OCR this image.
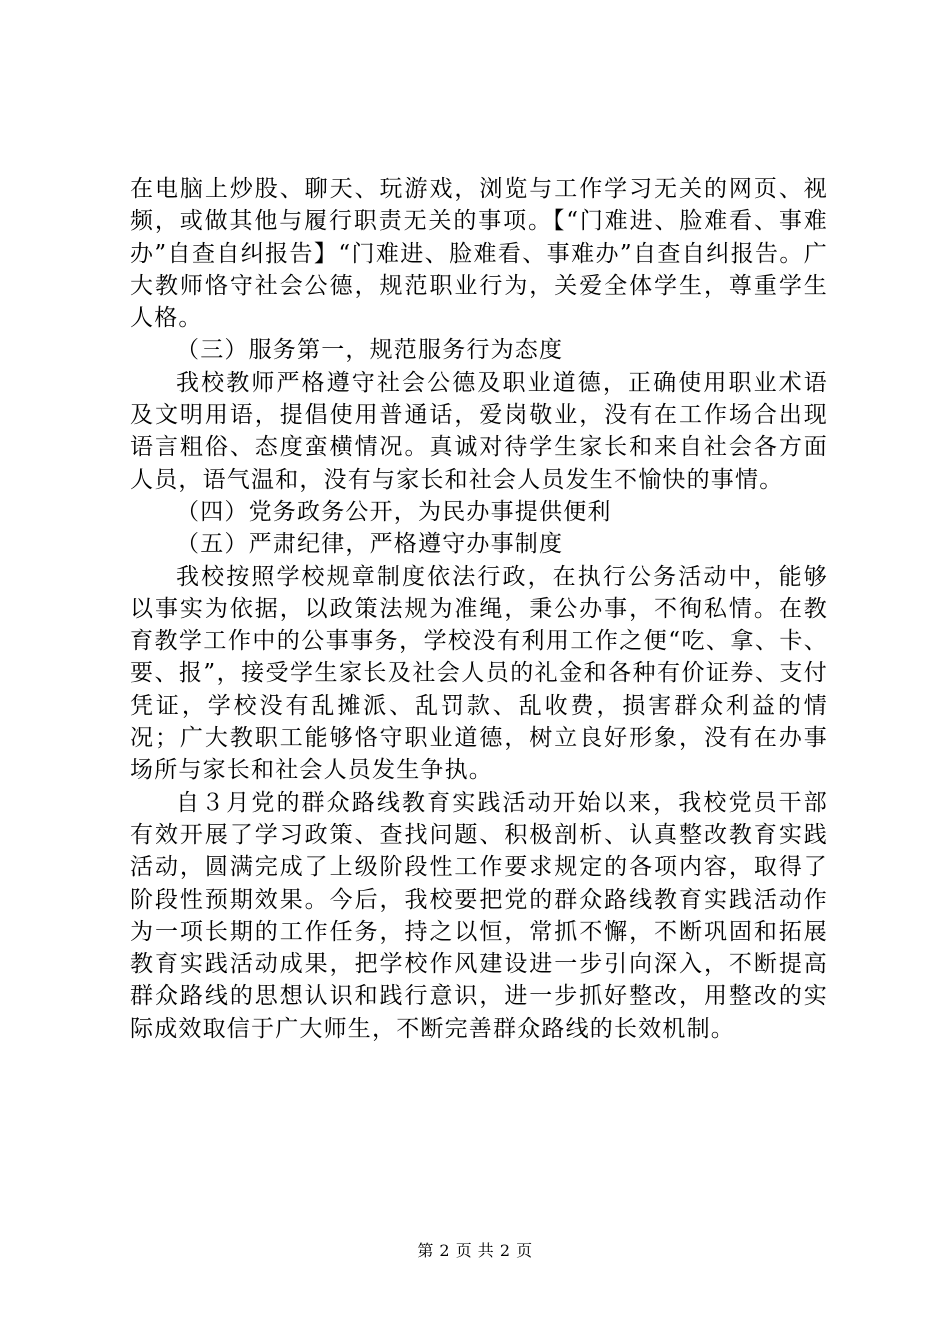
在电脑上炒股、聊天、玩游戏，浏览与工作学习无关的网页、视频，或做其他与履行职责无关的事项。【“门难进、脸难看、事难办”自查自纠报告】“门难进、脸难看、事难办”自查自纠报告。广大教师恪守社会公德，规范职业行为，关爱全体学生，尊重学生人格。

（三）服务第一，规范服务行为态度

我校教师严格遵守社会公德及职业道德，正确使用职业术语及文明用语，提倡使用普通话，爱岗敬业，没有在工作场合出现语言粗俗、态度蛮横情况。真诚对待学生家长和来自社会各方面人员，语气温和，没有与家长和社会人员发生不愉快的事情。

（四）党务政务公开，为民办事提供便利

（五）严肃纪律，严格遵守办事制度

我校按照学校规章制度依法行政，在执行公务活动中，能够以事实为依据，以政策法规为准绳，秉公办事，不徇私情。在教育教学工作中的公事事务，学校没有利用工作之便“吃、拿、卡、要、报”，接受学生家长及社会人员的礼金和各种有价证券、支付凭证，学校没有乱摊派、乱罚款、乱收费，损害群众利益的情况；广大教职工能够恪守职业道德，树立良好形象，没有在办事场所与家长和社会人员发生争执。

自３月党的群众路线教育实践活动开始以来，我校党员干部有效开展了学习政策、查找问题、积极剖析、认真整改教育实践活动，圆满完成了上级阶段性工作要求规定的各项内容，取得了阶段性预期效果。今后，我校要把党的群众路线教育实践活动作为一项长期的工作任务，持之以恒，常抓不懈，不断巩固和拓展教育实践活动成果，把学校作风建设进一步引向深入，不断提高群众路线的思想认识和践行意识，进一步抓好整改，用整改的实际成效取信于广大师生，不断完善群众路线的长效机制。

第 2 页 共 2 页
